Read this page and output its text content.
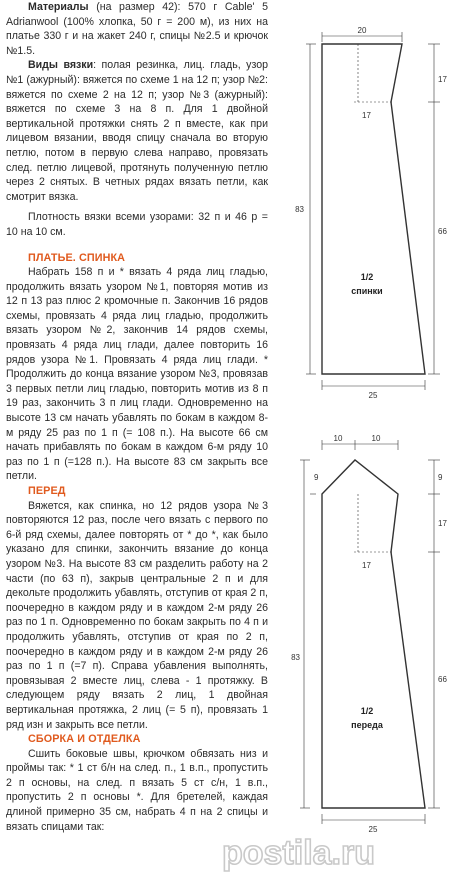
Материалы (на размер 42): 570 г Cable' 5 Adrianwool (100% хлопка, 50 г = 200 м), из них на платье 330 г и на жакет 240 г, спицы №2.5 и крючок №1.5.

Виды вязки: полая резинка, лиц. гладь, узор №1 (ажурный): вяжется по схеме 1 на 12 п; узор №2: вяжется по схеме 2 на 12 п; узор №3 (ажурный): вяжется по схеме 3 на 8 п. Для 1 двойной вертикальной протяжки снять 2 п вместе, как при лицевом вязании, вводя спицу сначала во вторую петлю, потом в первую слева направо, провязать след. петлю лицевой, протянуть полученную петлю через 2 снятых. В четных рядах вязать петли, как смотрит вязка.

Плотность вязки всеми узорами: 32 п и 46 р = 10 на 10 см.

ПЛАТЬЕ. СПИНКА

Набрать 158 п и * вязать 4 ряда лиц гладью, продолжить вязать узором №1, повторяя мотив из 12 п 13 раз плюс 2 кромочные п. Закончив 16 рядов схемы, провязать 4 ряда лиц гладью, продолжить вязать узором №2, закончив 14 рядов схемы, провязать 4 ряда лиц глади, далее повторить 16 рядов узора №1. Провязать 4 ряда лиц глади. * Продолжить до конца вязание узором №3, провязав 3 первых петли лиц гладью, повторить мотив из 8 п 19 раз, закончить 3 п лиц глади. Одновременно на высоте 13 см начать убавлять по бокам в каждом 8-м ряду 25 раз по 1 п (= 108 п.). На высоте 66 см начать прибавлять по бокам в каждом 6-м ряду 10 раз по 1 п (=128 п.). На высоте 83 см закрыть все петли.

ПЕРЕД

Вяжется, как спинка, но 12 рядов узора №3 повторяются 12 раз, после чего вязать с первого по 6-й ряд схемы, далее повторять от * до *, как было указано для спинки, закончить вязание до конца узором №3. На высоте 83 см разделить работу на 2 части (по 63 п), закрыв центральные 2 п и для декольте продолжить убавлять, отступив от края 2 п, поочередно в каждом ряду и в каждом 2-м ряду 26 раз по 1 п. Одновременно по бокам закрыть по 4 п и продолжить убавлять, отступив от края по 2 п, поочередно в каждом ряду и в каждом 2-м ряду 26 раз по 1 п (=7 п). Справа убавления выполнять, провязывая 2 вместе лиц, слева - 1 протяжку. В следующем ряду вязать 2 лиц, 1 двойная вертикальная протяжка, 2 лиц (= 5 п), провязать 1 ряд изн и закрыть все петли.

СБОРКА И ОТДЕЛКА

Сшить боковые швы, крючком обвязать низ и проймы так: * 1 ст б/н на след. п., 1 в.п., пропустить 2 п основы, на след. п вязать 5 ст с/н, 1 в.п., пропустить 2 п основы *. Для бретелей, каждая длиной примерно 35 см, набрать 4 п на 2 спицы и вязать спицами так:

20
25
83
17
66
17
1/2
спинки
10	10
25
83
9	9
17
66
17
1/2
переда
postila.ru
